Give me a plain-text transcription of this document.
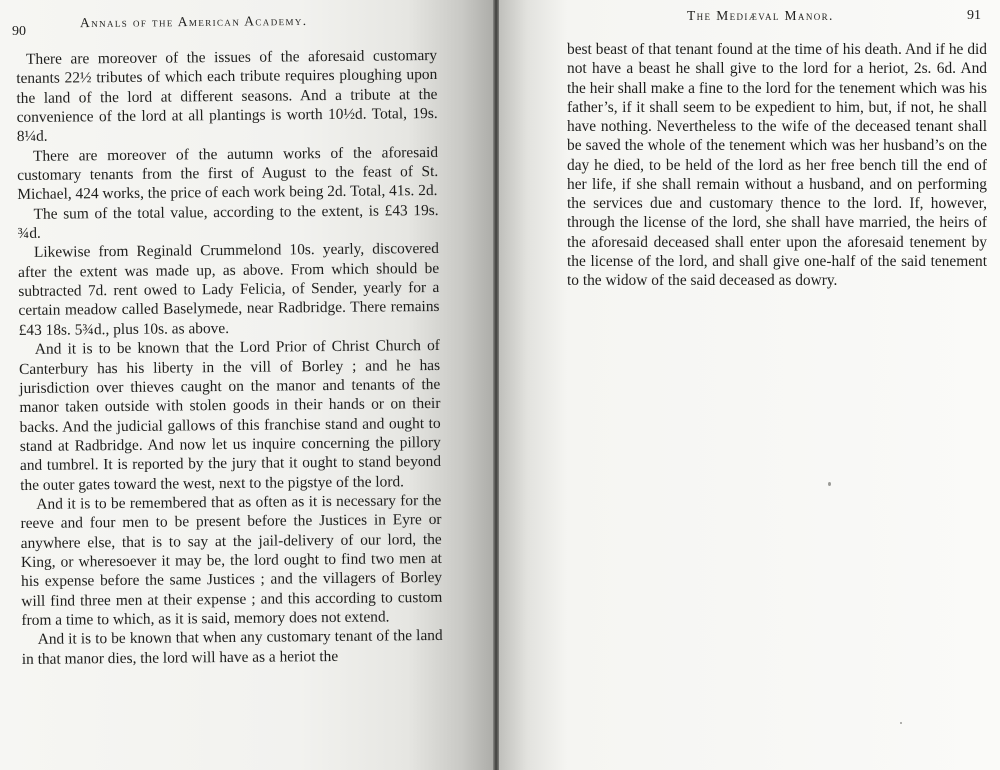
90
Annals of the American Academy.

There are moreover of the issues of the aforesaid customary tenants 22½ tributes of which each tribute requires ploughing upon the land of the lord at different seasons. And a tribute at the convenience of the lord at all plantings is worth 10½d. Total, 19s. 8¼d.

There are moreover of the autumn works of the aforesaid customary tenants from the first of August to the feast of St. Michael, 424 works, the price of each work being 2d. Total, 41s. 2d.

The sum of the total value, according to the extent, is £43 19s. ¾d.

Likewise from Reginald Crummelond 10s. yearly, discovered after the extent was made up, as above. From which should be subtracted 7d. rent owed to Lady Felicia, of Sender, yearly for a certain meadow called Baselymede, near Radbridge. There remains £43 18s. 5¾d., plus 10s. as above.

And it is to be known that the Lord Prior of Christ Church of Canterbury has his liberty in the vill of Borley ; and he has jurisdiction over thieves caught on the manor and tenants of the manor taken outside with stolen goods in their hands or on their backs. And the judicial gallows of this franchise stand and ought to stand at Radbridge. And now let us inquire concerning the pillory and tumbrel. It is reported by the jury that it ought to stand beyond the outer gates toward the west, next to the pigstye of the lord.

And it is to be remembered that as often as it is necessary for the reeve and four men to be present before the Justices in Eyre or anywhere else, that is to say at the jail-delivery of our lord, the King, or wheresoever it may be, the lord ought to find two men at his expense before the same Justices ; and the villagers of Borley will find three men at their expense ; and this according to custom from a time to which, as it is said, memory does not extend.

And it is to be known that when any customary tenant of the land in that manor dies, the lord will have as a heriot the

The Mediæval Manor.	91

best beast of that tenant found at the time of his death. And if he did not have a beast he shall give to the lord for a heriot, 2s. 6d. And the heir shall make a fine to the lord for the tenement which was his father’s, if it shall seem to be expedient to him, but, if not, he shall have nothing. Nevertheless to the wife of the deceased tenant shall be saved the whole of the tenement which was her husband’s on the day he died, to be held of the lord as her free bench till the end of her life, if she shall remain without a husband, and on performing the services due and customary thence to the lord. If, however, through the license of the lord, she shall have married, the heirs of the aforesaid deceased shall enter upon the aforesaid tenement by the license of the lord, and shall give one-half of the said tenement to the widow of the said deceased as dowry.
